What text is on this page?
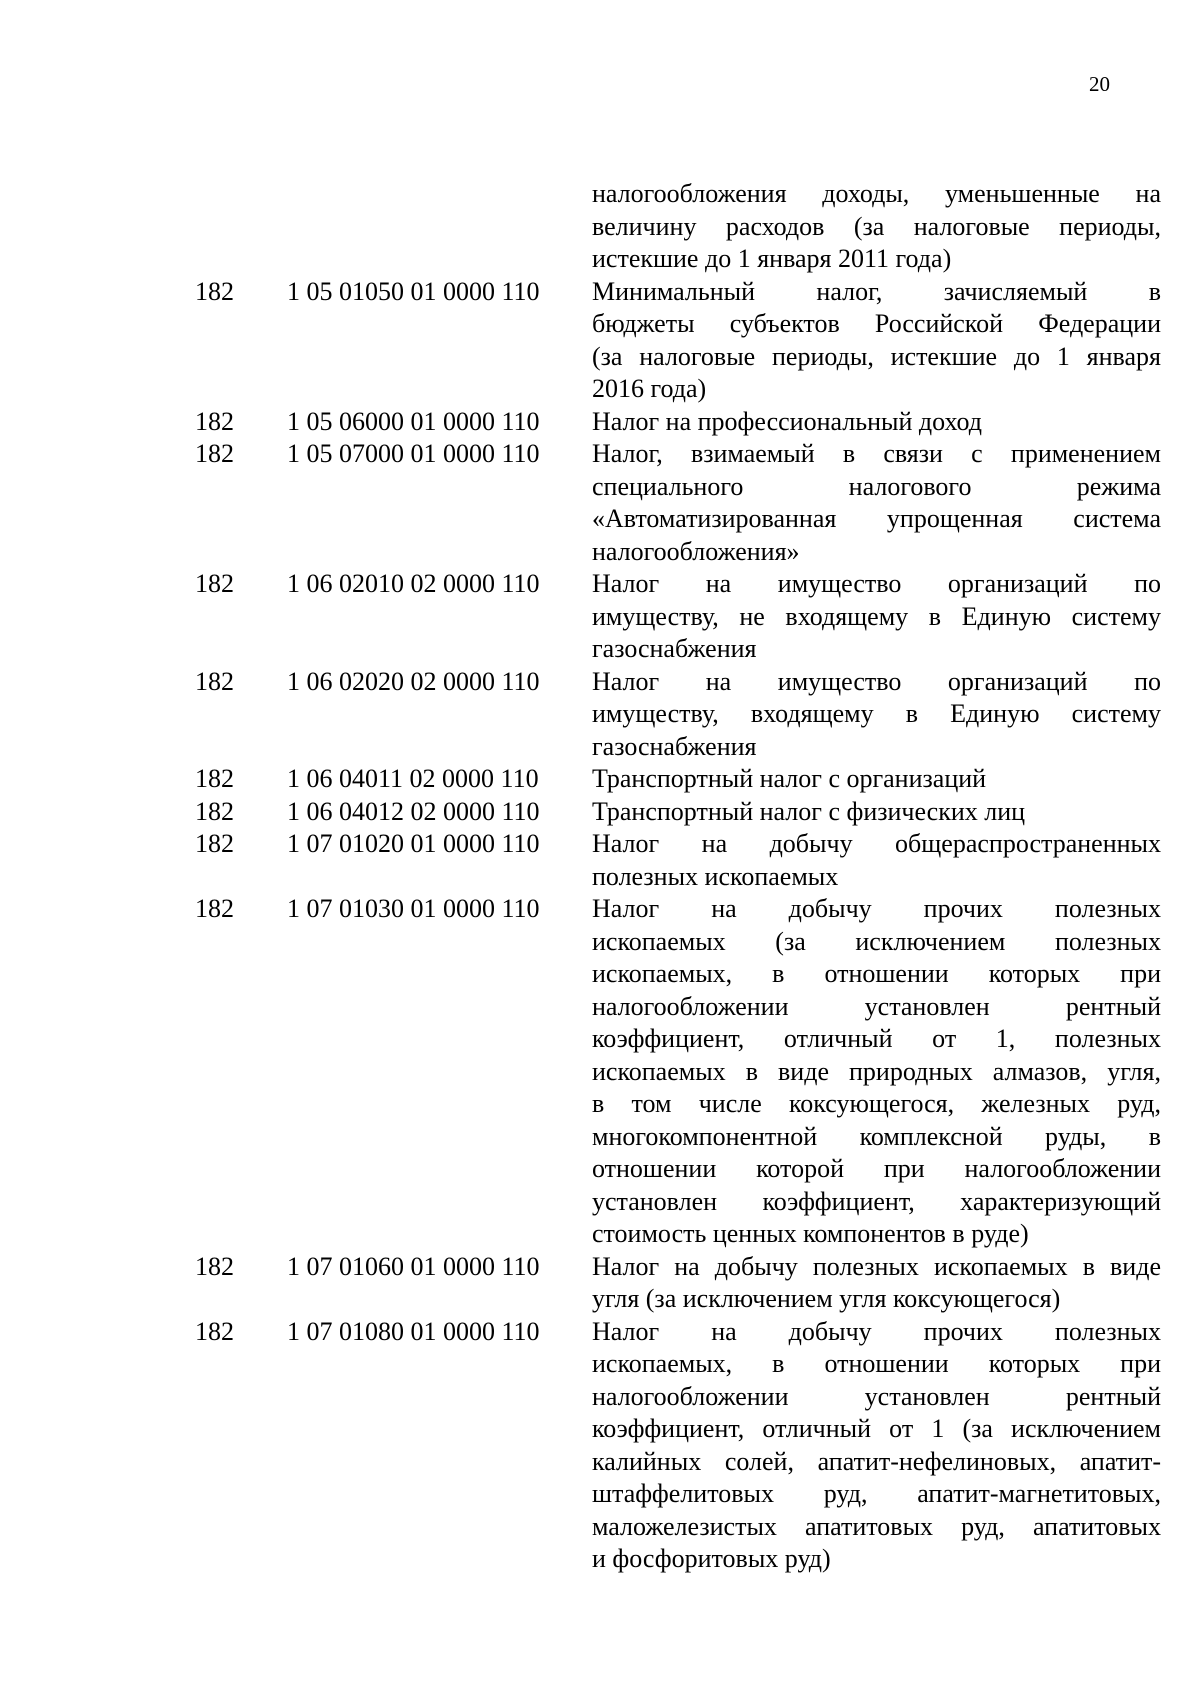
20
налогообложения доходы, уменьшенные на
величину расходов (за налоговые периоды,
истекшие до 1 января 2011 года)
182	1 05 01050 01 0000 110	Минимальный налог, зачисляемый в
бюджеты субъектов Российской Федерации
(за налоговые периоды, истекшие до 1 января
2016 года)
182	1 05 06000 01 0000 110	Налог на профессиональный доход
182	1 05 07000 01 0000 110	Налог, взимаемый в связи с применением
специального налогового режима
«Автоматизированная упрощенная система
налогообложения»
182	1 06 02010 02 0000 110	Налог на имущество организаций по
имуществу, не входящему в Единую систему
газоснабжения
182	1 06 02020 02 0000 110	Налог на имущество организаций по
имуществу, входящему в Единую систему
газоснабжения
182	1 06 04011 02 0000 110	Транспортный налог с организаций
182	1 06 04012 02 0000 110	Транспортный налог с физических лиц
182	1 07 01020 01 0000 110	Налог на добычу общераспространенных
полезных ископаемых
182	1 07 01030 01 0000 110	Налог на добычу прочих полезных
ископаемых (за исключением полезных
ископаемых, в отношении которых при
налогообложении установлен рентный
коэффициент, отличный от 1, полезных
ископаемых в виде природных алмазов, угля,
в том числе коксующегося, железных руд,
многокомпонентной комплексной руды, в
отношении которой при налогообложении
установлен коэффициент, характеризующий
стоимость ценных компонентов в руде)
182	1 07 01060 01 0000 110	Налог на добычу полезных ископаемых в виде
угля (за исключением угля коксующегося)
182	1 07 01080 01 0000 110	Налог на добычу прочих полезных
ископаемых, в отношении которых при
налогообложении установлен рентный
коэффициент, отличный от 1 (за исключением
калийных солей, апатит-нефелиновых, апатит-
штаффелитовых руд, апатит-магнетитовых,
маложелезистых апатитовых руд, апатитовых
и фосфоритовых руд)
